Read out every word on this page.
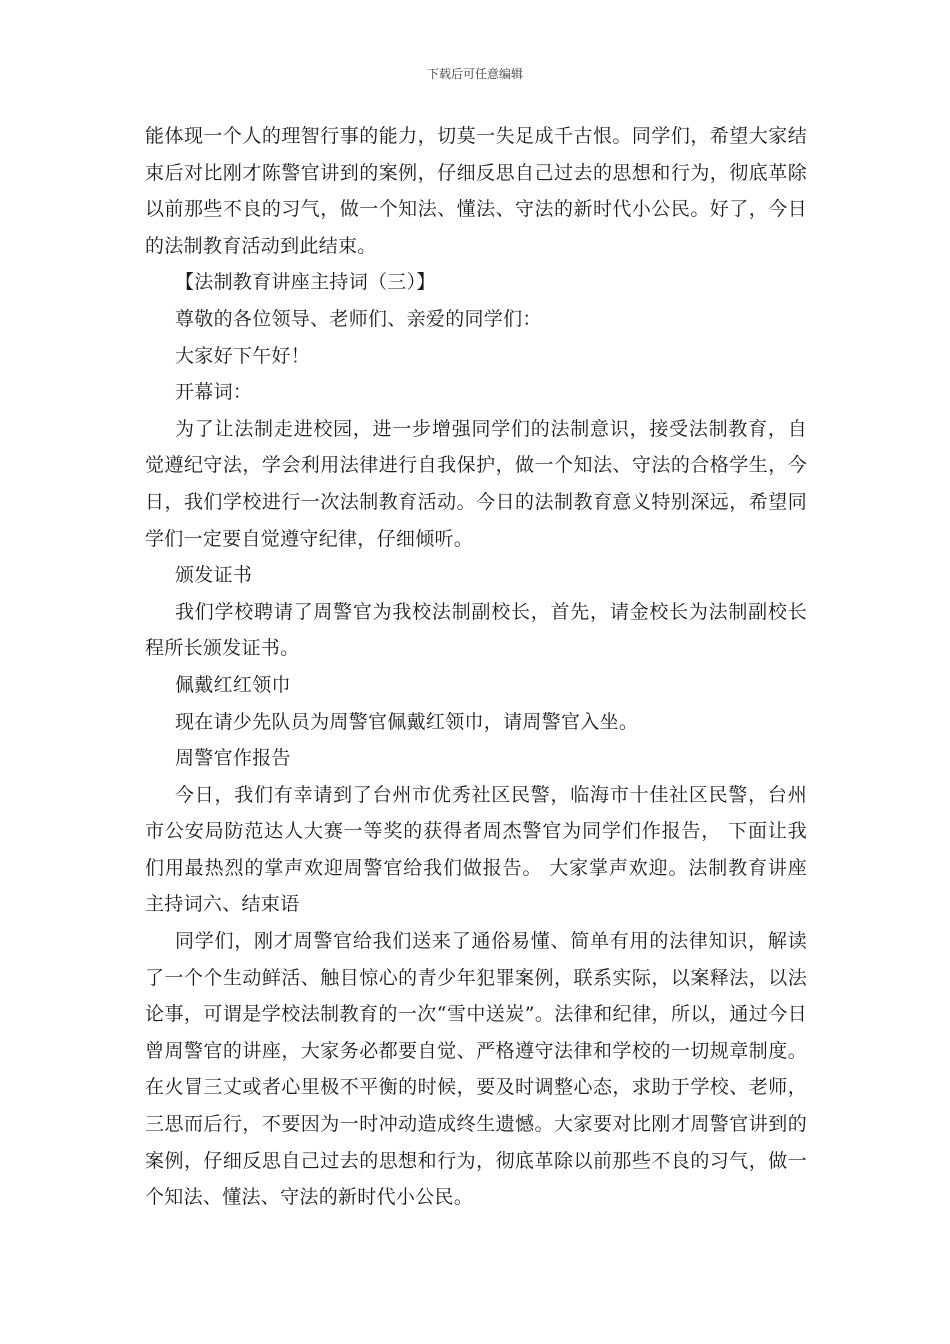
下载后可任意编辑

能体现一个人的理智行事的能力，切莫一失足成千古恨。同学们，希望大家结束后对比刚才陈警官讲到的案例，仔细反思自己过去的思想和行为，彻底革除以前那些不良的习气，做一个知法、懂法、守法的新时代小公民。好了，今日的法制教育活动到此结束。

【法制教育讲座主持词（三）】

尊敬的各位领导、老师们、亲爱的同学们：

大家好下午好！

开幕词：

为了让法制走进校园，进一步增强同学们的法制意识，接受法制教育，自觉遵纪守法，学会利用法律进行自我保护，做一个知法、守法的合格学生，今日，我们学校进行一次法制教育活动。今日的法制教育意义特别深远，希望同学们一定要自觉遵守纪律，仔细倾听。

颁发证书

我们学校聘请了周警官为我校法制副校长，首先，请金校长为法制副校长程所长颁发证书。

佩戴红红领巾

现在请少先队员为周警官佩戴红领巾，请周警官入坐。

周警官作报告

今日，我们有幸请到了台州市优秀社区民警，临海市十佳社区民警，台州市公安局防范达人大赛一等奖的获得者周杰警官为同学们作报告， 下面让我们用最热烈的掌声欢迎周警官给我们做报告。 大家掌声欢迎。法制教育讲座主持词六、结束语

同学们，刚才周警官给我们送来了通俗易懂、简单有用的法律知识，解读了一个个生动鲜活、触目惊心的青少年犯罪案例，联系实际，以案释法，以法论事，可谓是学校法制教育的一次“雪中送炭”。法律和纪律，所以，通过今日曾周警官的讲座，大家务必都要自觉、严格遵守法律和学校的一切规章制度。在火冒三丈或者心里极不平衡的时候，要及时调整心态，求助于学校、老师，三思而后行，不要因为一时冲动造成终生遗憾。大家要对比刚才周警官讲到的案例，仔细反思自己过去的思想和行为，彻底革除以前那些不良的习气，做一个知法、懂法、守法的新时代小公民。
